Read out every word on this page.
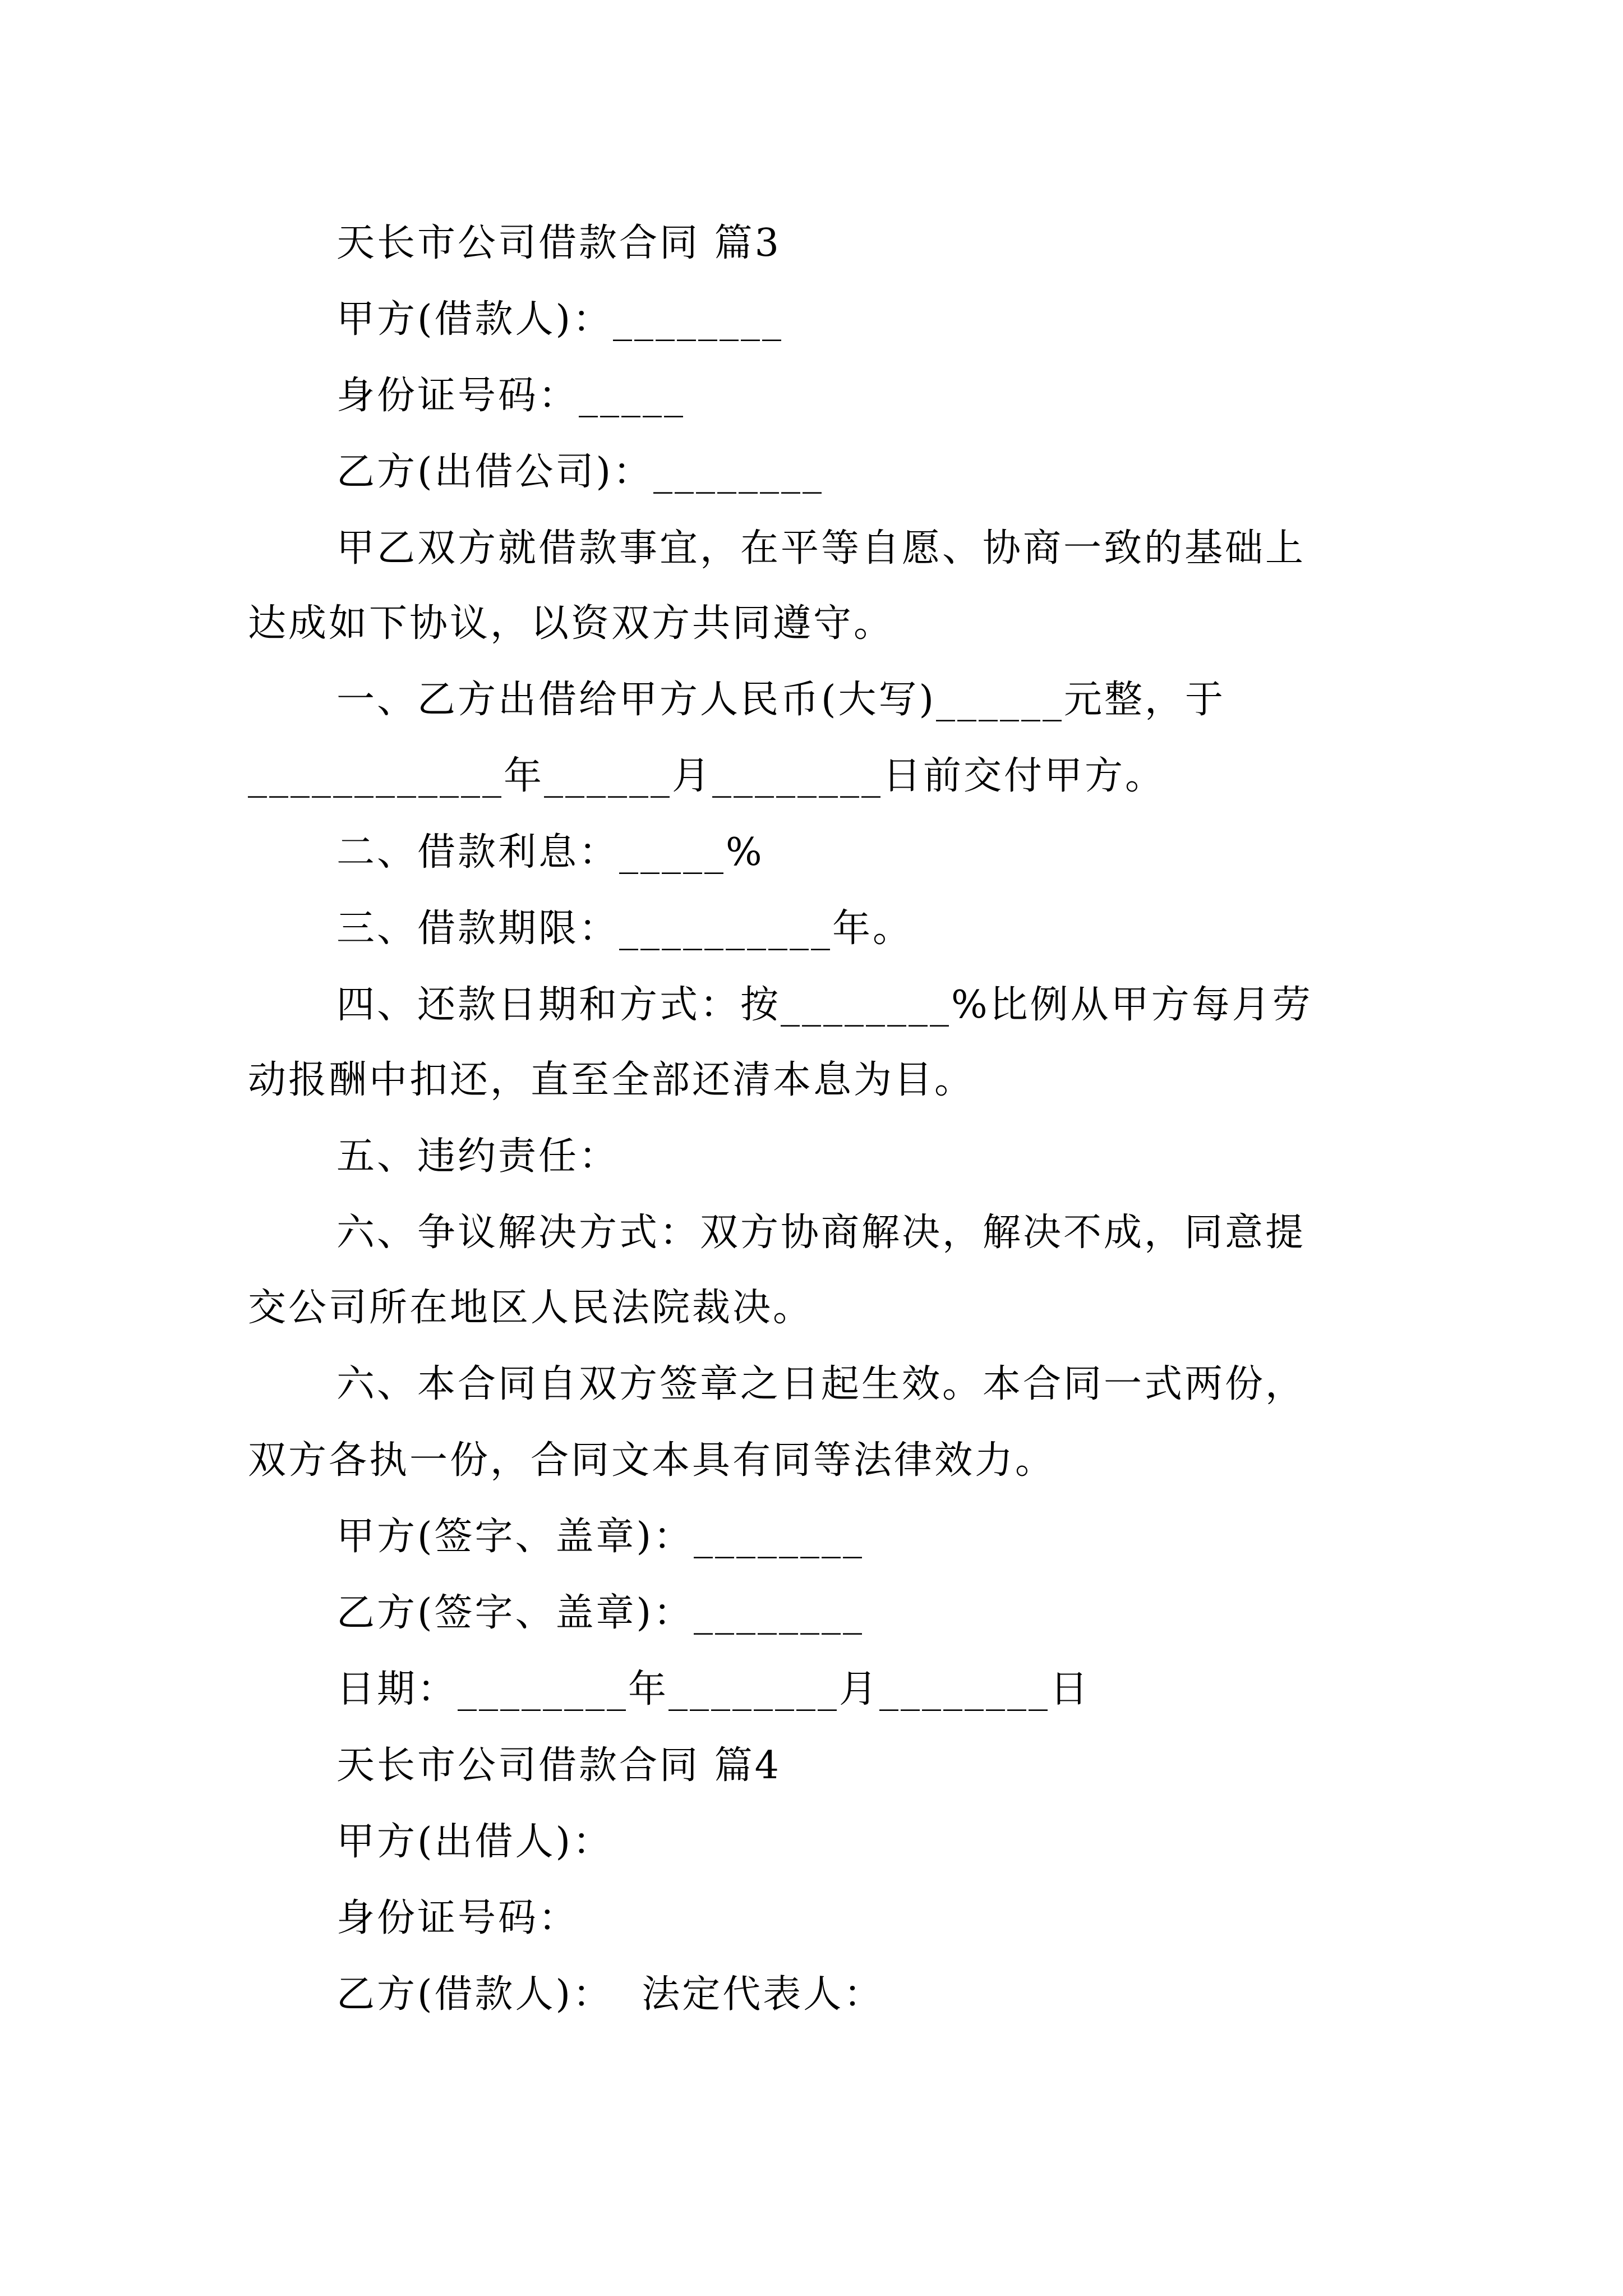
天长市公司借款合同 篇3
甲方(借款人)：________
身份证号码：_____
乙方(出借公司)：________
甲乙双方就借款事宜，在平等自愿、协商一致的基础上
达成如下协议，以资双方共同遵守。
一、乙方出借给甲方人民币(大写)______元整，于
____________年______月________日前交付甲方。
二、借款利息：_____%
三、借款期限：__________年。
四、还款日期和方式：按________%比例从甲方每月劳
动报酬中扣还，直至全部还清本息为目。
五、违约责任：
六、争议解决方式：双方协商解决，解决不成，同意提
交公司所在地区人民法院裁决。
六、本合同自双方签章之日起生效。本合同一式两份，
双方各执一份，合同文本具有同等法律效力。
甲方(签字、盖章)：________
乙方(签字、盖章)：________
日期：________年________月________日
天长市公司借款合同 篇4
甲方(出借人)：
身份证号码：
乙方(借款人)：  法定代表人：
